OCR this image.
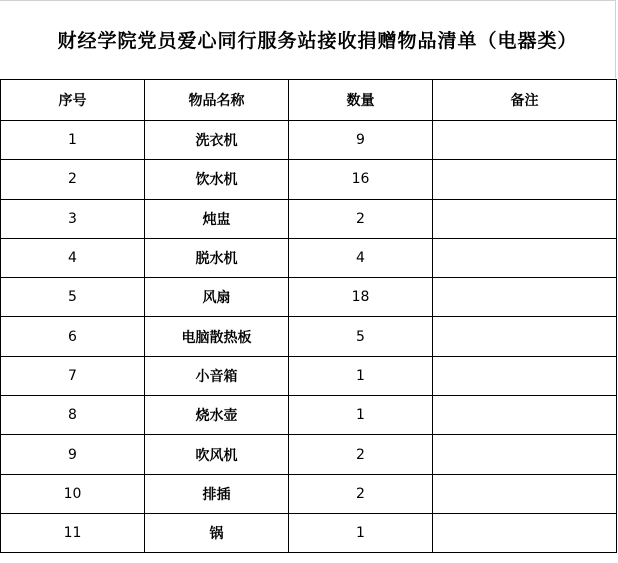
财经学院党员爱心同行服务站接收捐赠物品清单（电器类）
序号	物品名称	数量	备注
1	洗衣机	9	
2	饮水机	16	
3	炖盅	2	
4	脱水机	4	
5	风扇	18	
6	电脑散热板	5	
7	小音箱	1	
8	烧水壶	1	
9	吹风机	2	
10	排插	2	
11	锅	1	
